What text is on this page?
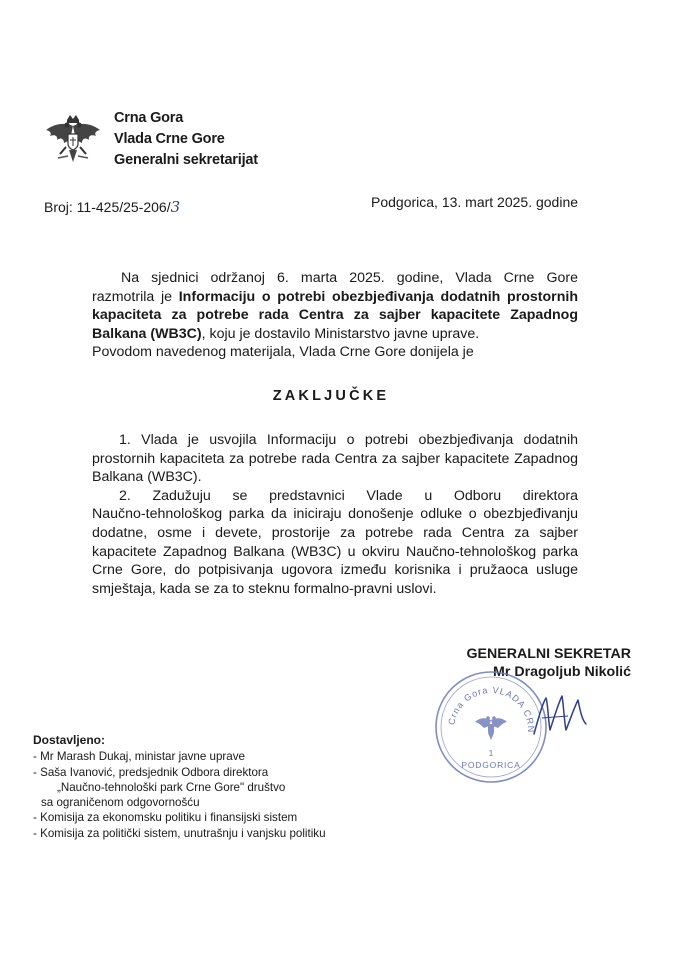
Crna Gora
Vlada Crne Gore
Generalni sekretarijat
Broj: 11-425/25-206/3	Podgorica, 13. mart 2025. godine
Na sjednici održanoj 6. marta 2025. godine, Vlada Crne Gore
razmotrila je Informaciju o potrebi obezbjeđivanja dodatnih prostornih
kapaciteta za potrebe rada Centra za sajber kapacitete Zapadnog
Balkana (WB3C), koju je dostavilo Ministarstvo javne uprave.
Povodom navedenog materijala, Vlada Crne Gore donijela je
ZAKLJUČKE
1. Vlada je usvojila Informaciju o potrebi obezbjeđivanja dodatnih
prostornih kapaciteta za potrebe rada Centra za sajber kapacitete Zapadnog
Balkana (WB3C).
2. Zadužuju se predstavnici Vlade u Odboru direktora
Naučno-tehnološkog parka da iniciraju donošenje odluke o obezbjeđivanju
dodatne, osme i devete, prostorije za potrebe rada Centra za sajber
kapacitete Zapadnog Balkana (WB3C) u okviru Naučno-tehnološkog parka
Crne Gore, do potpisivanja ugovora između korisnika i pružaoca usluge
smještaja, kada se za to steknu formalno-pravni uslovi.
GENERALNI SEKRETAR
Mr Dragoljub Nikolić
Crna Gora VLADA CRN
1
PODGORICA
Dostavljeno:
- Mr Marash Dukaj, ministar javne uprave
- Saša Ivanović, predsjednik Odbora direktora
„Naučno-tehnološki park Crne Gore" društvo
sa ograničenom odgovornošću
- Komisija za ekonomsku politiku i finansijski sistem
- Komisija za politički sistem, unutrašnju i vanjsku politiku
